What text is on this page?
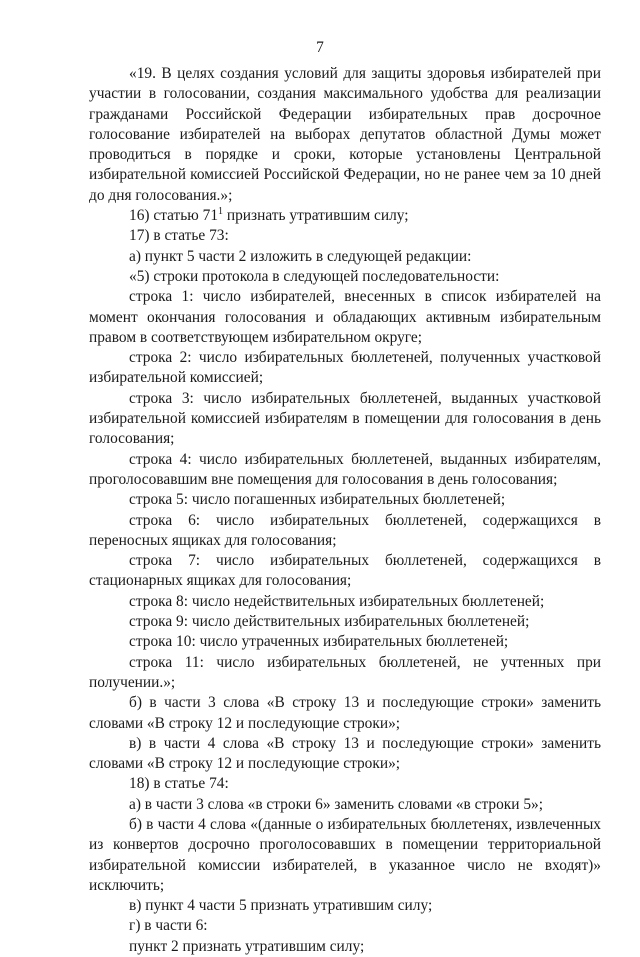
7

«19. В целях создания условий для защиты здоровья избирателей при участии в голосовании, создания максимального удобства для реализации гражданами Российской Федерации избирательных прав досрочное голосование избирателей на выборах депутатов областной Думы может проводиться в порядке и сроки, которые установлены Центральной избирательной комиссией Российской Федерации, но не ранее чем за 10 дней до дня голосования.»;

16) статью $71^1$ признать утратившим силу;

17) в статье 73:

а) пункт 5 части 2 изложить в следующей редакции:

«5) строки протокола в следующей последовательности:

строка 1: число избирателей, внесенных в список избирателей на момент окончания голосования и обладающих активным избирательным правом в соответствующем избирательном округе;

строка 2: число избирательных бюллетеней, полученных участковой избирательной комиссией;

строка 3: число избирательных бюллетеней, выданных участковой избирательной комиссией избирателям в помещении для голосования в день голосования;

строка 4: число избирательных бюллетеней, выданных избирателям, проголосовавшим вне помещения для голосования в день голосования;

строка 5: число погашенных избирательных бюллетеней;

строка 6: число избирательных бюллетеней, содержащихся в переносных ящиках для голосования;

строка 7: число избирательных бюллетеней, содержащихся в стационарных ящиках для голосования;

строка 8: число недействительных избирательных бюллетеней;

строка 9: число действительных избирательных бюллетеней;

строка 10: число утраченных избирательных бюллетеней;

строка 11: число избирательных бюллетеней, не учтенных при получении.»;

б) в части 3 слова «В строку 13 и последующие строки» заменить словами «В строку 12 и последующие строки»;

в) в части 4 слова «В строку 13 и последующие строки» заменить словами «В строку 12 и последующие строки»;

18) в статье 74:

а) в части 3 слова «в строки 6» заменить словами «в строки 5»;

б) в части 4 слова «(данные о избирательных бюллетенях, извлеченных из конвертов досрочно проголосовавших в помещении территориальной избирательной комиссии избирателей, в указанное число не входят)» исключить;

в) пункт 4 части 5 признать утратившим силу;

г) в части 6:

пункт 2 признать утратившим силу;
